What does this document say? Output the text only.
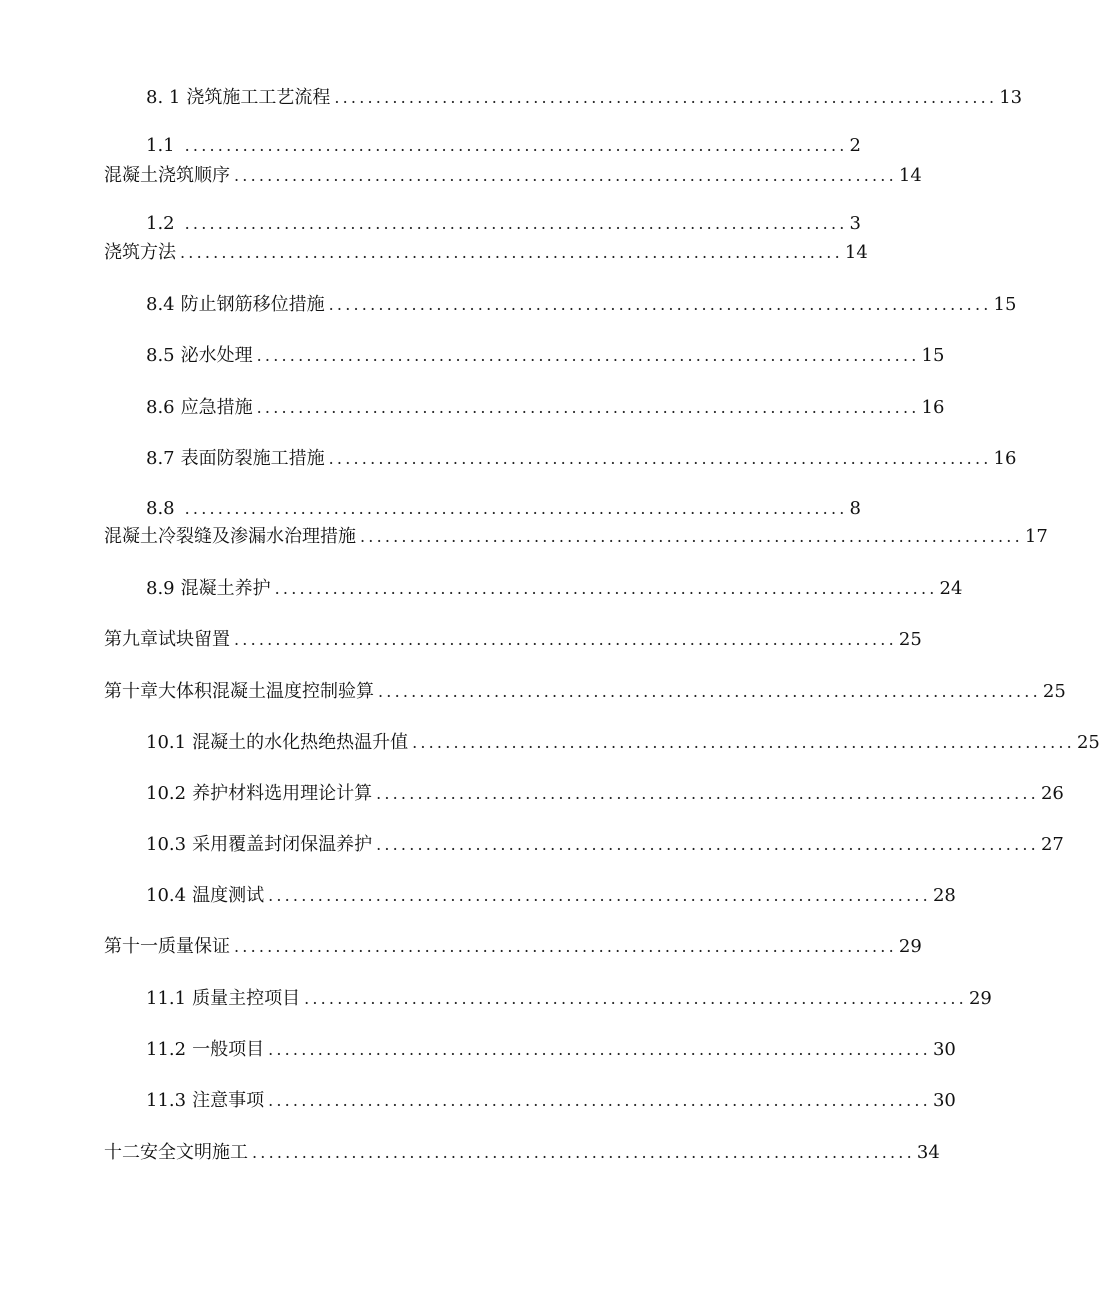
8. 1 浇筑施工工艺流程 ................................................................................ 13
1.1 ................................................................................ 2
混凝土浇筑顺序 ................................................................................ 14
1.2 ................................................................................ 3
浇筑方法 ................................................................................ 14
8.4 防止钢筋移位措施 ................................................................................ 15
8.5 泌水处理 ................................................................................ 15
8.6 应急措施 ................................................................................ 16
8.7 表面防裂施工措施 ................................................................................ 16
8.8 ................................................................................ 8
混凝土冷裂缝及渗漏水治理措施 ................................................................................ 17
8.9 混凝土养护 ................................................................................ 24
第九章试块留置 ................................................................................ 25
第十章大体积混凝土温度控制验算 ................................................................................ 25
10.1 混凝土的水化热绝热温升值 ................................................................................ 25
10.2 养护材料选用理论计算 ................................................................................ 26
10.3 采用覆盖封闭保温养护 ................................................................................ 27
10.4 温度测试 ................................................................................ 28
第十一质量保证 ................................................................................ 29
11.1 质量主控项目 ................................................................................ 29
11.2 一般项目 ................................................................................ 30
11.3 注意事项 ................................................................................ 30
十二安全文明施工 ................................................................................ 34
